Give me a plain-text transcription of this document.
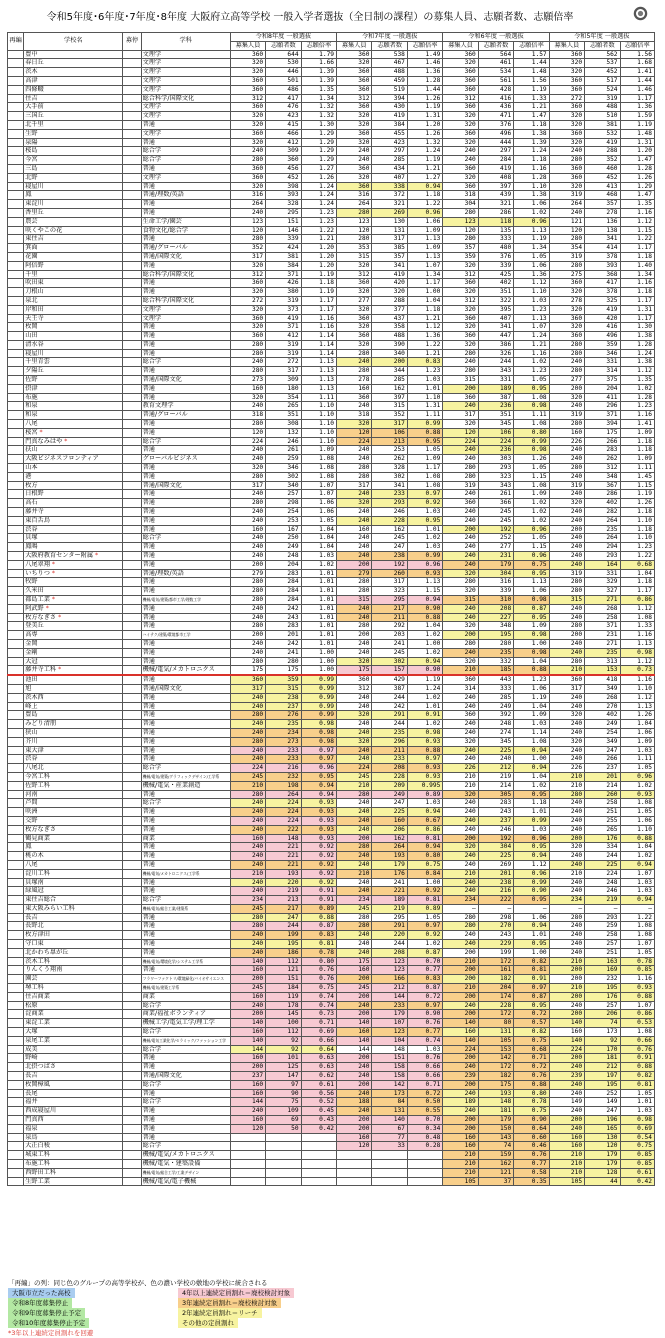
令和5年度･6年度･7年度･8年度 大阪府立高等学校 一般入学者選抜（全日制の課程）の募集人員、志願者数、志願倍率
再編	学校名	募停	学科	令和8年度 一般選抜			令和7年度 一般選抜			令和6年度 一般選抜			令和5年度 一般選抜		
				募集人員	志願者数	志願倍率	募集人員	志願者数	志願倍率	募集人員	志願者数	志願倍率	募集人員	志願者数	志願倍率
	豊中		文理学	360	644	1.79	360	538	1.49	360	564	1.57	360	562	1.56
	春日丘		文理学	320	530	1.66	320	467	1.46	320	461	1.44	320	537	1.68
	茨木		文理学	320	446	1.39	360	488	1.36	360	534	1.48	320	452	1.41
	高津		文理学	360	501	1.39	360	459	1.28	360	561	1.56	360	517	1.44
	四條畷		文理学	360	486	1.35	360	519	1.44	360	428	1.19	360	524	1.46
	住吉		総合科学/国際文化	312	417	1.34	312	394	1.26	312	416	1.33	272	319	1.17
	大手前		文理学	360	476	1.32	360	430	1.19	360	436	1.21	360	488	1.36
	三国丘		文理学	320	423	1.32	320	419	1.31	320	471	1.47	320	510	1.59
	北千里		普通	320	415	1.30	320	384	1.20	320	376	1.18	320	381	1.19
	生野		文理学	360	466	1.29	360	455	1.26	360	496	1.38	360	532	1.48
	泉陽		普通	320	412	1.29	320	423	1.32	320	444	1.39	320	419	1.31
	桜島		総合学	240	309	1.29	240	297	1.24	240	297	1.24	240	288	1.20
	今宮		総合学	280	360	1.29	240	285	1.19	240	284	1.18	280	352	1.47
	三島		普通	360	456	1.27	360	434	1.21	360	419	1.16	360	460	1.28
	北野		文理学	360	452	1.26	320	407	1.27	320	408	1.28	360	452	1.26
	寝屋川		普通	320	398	1.24	360	338	0.94	360	397	1.10	320	413	1.29
	鳳		普通/理数/英語	316	393	1.24	316	372	1.18	318	439	1.38	319	468	1.47
	東淀川		普通	264	328	1.24	264	321	1.22	304	321	1.06	264	357	1.35
	香里丘		普通	240	295	1.23	280	269	0.96	280	286	1.02	240	278	1.16
	農芸		生命工学/園芸	123	151	1.23	123	130	1.06	123	118	0.96	121	136	1.12
	咲くやこの花		食物文化/総合学	120	146	1.22	120	131	1.09	120	135	1.13	120	138	1.15
	東住吉		普通	280	339	1.21	280	317	1.13	280	333	1.19	280	341	1.22
	箕面		普通/グローバル	352	424	1.20	353	385	1.09	357	480	1.34	354	414	1.17
	花園		普通/国際文化	317	381	1.20	315	357	1.13	359	376	1.05	319	378	1.18
	阿倍野		普通	320	384	1.20	320	341	1.07	320	339	1.06	280	393	1.40
	千里		総合科学/国際文化	312	371	1.19	312	419	1.34	312	425	1.36	275	368	1.34
	吹田東		普通	360	426	1.18	360	420	1.17	360	402	1.12	360	417	1.16
	刀根山		普通	320	380	1.19	320	320	1.00	320	351	1.10	320	378	1.18
	泉北		総合科学/国際文化	272	319	1.17	277	288	1.04	312	322	1.03	278	325	1.17
	岸和田		文理学	320	373	1.17	320	377	1.18	320	395	1.23	320	419	1.31
	天王寺		文理学	360	419	1.16	360	437	1.21	360	407	1.13	360	420	1.17
	枚岡		普通	320	371	1.16	320	358	1.12	320	341	1.07	320	416	1.30
	山田		普通	360	412	1.14	360	488	1.36	360	447	1.24	360	496	1.38
	清水谷		普通	280	319	1.14	320	390	1.22	320	386	1.21	280	359	1.28
	寝屋川		普通	280	319	1.14	280	340	1.21	280	326	1.16	280	346	1.24
	千里青雲		総合学	240	272	1.13	240	200	0.83	240	244	1.02	240	331	1.38
	夕陽丘		普通	280	317	1.13	280	344	1.23	280	343	1.23	280	314	1.12
	佐野		普通/国際文化	273	309	1.13	278	285	1.03	315	331	1.05	277	375	1.35
	摂津		普通	160	180	1.13	160	162	1.01	200	189	0.95	200	204	1.02
	布施		普通	320	354	1.11	360	397	1.10	360	387	1.08	320	411	1.28
	和泉		教育文理学	240	265	1.10	240	315	1.31	240	236	0.98	240	296	1.23
	和泉		普通/グローバル	318	351	1.10	318	352	1.11	317	351	1.11	319	371	1.16
	八尾		普通	280	308	1.10	320	317	0.99	320	345	1.08	280	394	1.41
	桜宮 *		普通	120	132	1.10	120	106	0.88	120	106	0.80	160	175	1.09
	門真なみはや *		総合学	224	246	1.10	224	213	0.95	224	224	0.99	226	266	1.18
	扶山		普通	240	261	1.09	240	253	1.05	240	236	0.98	240	283	1.18
	大阪ビジネスフロンティア		グローバルビジネス	240	259	1.08	240	262	1.09	240	303	1.26	240	262	1.09
	山本		普通	320	346	1.08	280	328	1.17	280	293	1.05	280	312	1.11
	港		普通	280	302	1.08	280	302	1.08	280	323	1.15	240	348	1.45
	枚方		普通/国際文化	317	340	1.07	317	341	1.08	319	343	1.08	319	367	1.15
	日根野		普通	240	257	1.07	240	233	0.97	240	261	1.09	240	286	1.19
	高石		普通	280	298	1.06	320	293	0.92	360	366	1.02	320	402	1.26
	藤井寺		普通	240	254	1.06	240	246	1.03	240	245	1.02	240	282	1.18
	東百舌鳥		普通	240	253	1.05	240	228	0.95	240	245	1.02	240	264	1.10
	渋谷		普通	160	167	1.04	160	162	1.01	200	192	0.96	200	235	1.18
	貝塚		総合学	240	250	1.04	240	245	1.02	240	252	1.05	240	264	1.10
	鳳鳴		普通	240	249	1.04	240	247	1.03	240	277	1.15	240	294	1.23
	大阪府教育センター附属 *		普通	240	248	1.03	240	238	0.99	240	231	0.96	240	293	1.22
	八尾翠翔 *		普通	200	204	1.02	200	192	0.96	240	179	0.75	240	164	0.68
	いちりつ *		普通/理数/英語	279	283	1.01	279	260	0.93	320	304	0.95	319	331	1.04
	牧野		普通	280	284	1.01	280	317	1.13	280	316	1.13	280	329	1.18
	久米田		普通	280	284	1.01	280	323	1.15	320	339	1.06	280	327	1.17
	都島工業 *		機械/電気/建築/都市工学/理数工学	280	284	1.01	315	295	0.94	315	310	0.98	315	271	0.86
	阿武野 *		普通	240	242	1.01	240	217	0.90	240	208	0.87	240	268	1.12
	枚方なぎさ *		普通	240	243	1.01	240	211	0.88	240	227	0.95	240	258	1.08
	登美丘		普通	280	283	1.01	280	292	1.04	320	348	1.09	280	371	1.33
	高専		ハイテク/建築/環境都市工学	200	201	1.01	200	203	1.02	200	195	0.98	200	231	1.16
	金岡		普通	240	242	1.01	240	241	1.00	280	280	1.00	240	271	1.13
	金剛		普通	240	241	1.00	240	245	1.02	240	235	0.98	240	235	0.98
	大冠		普通	280	280	1.00	320	302	0.94	320	332	1.04	280	313	1.12
	藤井寺工科 *		機械/電気/メカトロニクス	175	175	1.00	175	157	0.90	210	185	0.88	210	153	0.73
	池田		普通	360	359	0.99	360	429	1.19	360	443	1.23	360	418	1.16
	旭		普通/国際文化	317	315	0.99	312	387	1.24	314	333	1.06	317	349	1.10
	茨木西		普通	240	238	0.99	240	244	1.02	240	285	1.19	240	268	1.12
	峰上		普通	240	237	0.99	240	242	1.01	240	249	1.04	240	270	1.13
	豊島		普通	280	276	0.99	320	291	0.91	360	392	1.09	320	402	1.26
	みどり清朋		普通	240	235	0.98	240	244	1.02	240	248	1.03	240	249	1.04
	狭山		普通	240	234	0.98	240	235	0.98	240	274	1.14	240	254	1.06
	芥川		普通	280	273	0.98	320	296	0.93	320	345	1.08	320	349	1.09
	東大津		普通	240	233	0.97	240	211	0.88	240	225	0.94	240	247	1.03
	渋谷		普通	240	233	0.97	240	233	0.97	240	240	1.00	240	266	1.11
	八尾北		総合学	224	216	0.96	224	208	0.93	226	212	0.94	226	237	1.05
	今宮工科		機械/電気/建築/グラフィックデザイン/工学系	245	232	0.95	245	228	0.93	210	219	1.04	210	201	0.96
	佐野工科		機械/電気・産業創造	210	198	0.94	210	209	0.995	210	214	1.02	210	214	1.02
	河南		普通	280	264	0.94	280	249	0.89	320	305	0.95	280	260	0.93
	芦間		総合学	240	224	0.93	240	247	1.03	240	283	1.18	240	258	1.08
	咲洲		普通	240	224	0.93	240	225	0.94	240	243	1.01	240	251	1.05
	交野		普通	240	224	0.93	240	160	0.67	240	237	0.99	240	255	1.06
	枚方なぎさ		普通	240	222	0.93	240	206	0.86	240	246	1.03	240	265	1.10
	鶴見商業		商業	160	148	0.93	200	162	0.81	200	192	0.96	200	176	0.88
	鳳		普通	240	221	0.92	280	264	0.94	320	304	0.95	320	334	1.04
	桃の木		普通	240	221	0.92	240	193	0.80	240	225	0.94	240	244	1.02
	八尾		普通	240	221	0.92	240	179	0.75	240	269	1.12	240	225	0.94
	淀川工科		機械/電気/メカトロニクス/工学系	210	193	0.92	210	176	0.84	210	201	0.96	210	224	1.07
	貝塚南		普通	240	220	0.92	240	241	1.00	240	238	0.99	240	248	1.03
	緑風冠		普通	240	219	0.91	240	221	0.92	240	216	0.90	240	246	1.03
	東住吉総合		総合学	234	213	0.91	234	189	0.81	234	222	0.95	234	219	0.94
	東大阪みらい工科		機械/電気/総合工業/建築系	245	217	0.89	245	219	0.89	—	—	—	—	—	—
	長吉		普通	280	247	0.88	280	295	1.05	280	298	1.06	280	293	1.22
	長野北		普通	280	244	0.87	280	291	0.97	280	270	0.94	240	259	1.08
	枚方津田		普通	240	199	0.83	240	220	0.92	240	243	1.01	240	258	1.08
	守口東		普通	240	195	0.81	240	244	1.02	240	229	0.95	240	257	1.07
	北かわち皐が丘		普通	240	186	0.78	240	208	0.87	200	199	1.00	240	251	1.05
	茨木工科		機械/電気/環境化学/システム工学系	140	112	0.80	175	123	0.70	210	172	0.82	210	163	0.78
	りんくう翔南		普通	160	121	0.76	160	123	0.77	200	161	0.81	200	169	0.85
	園芸		フラワーファクトリ/環境緑化/バイオサイエンス	200	151	0.76	200	166	0.83	200	182	0.91	200	232	1.16
	堺工科		機械/電気/建築工学系	245	184	0.75	245	212	0.87	210	204	0.97	210	195	0.93
	住吉商業		商業	160	119	0.74	200	144	0.72	200	174	0.87	200	176	0.88
	松原		総合学	240	178	0.74	240	233	0.97	240	228	0.95	240	257	1.07
	淀商業		商業/福祉ボランティア	200	145	0.73	200	179	0.90	200	172	0.72	200	206	0.86
	東淀工業		機械工学/電気工学/理工学	140	100	0.71	140	107	0.76	140	80	0.57	140	74	0.53
	大塚		総合学	160	112	0.69	160	123	0.77	160	131	0.82	160	173	1.08
	泉尾工業		機械/電気工業化学/セラミック/ファッション工学	140	92	0.66	140	104	0.74	140	105	0.75	140	92	0.66
	成美		総合学	144	92	0.64	144	148	1.03	224	153	0.68	224	170	0.76
	野崎		普通	160	101	0.63	200	151	0.76	200	142	0.71	200	181	0.91
	北摂つばさ		普通	200	125	0.63	240	158	0.66	240	172	0.72	240	212	0.88
	長吉		普通/国際文化	237	147	0.62	240	158	0.66	239	182	0.76	239	197	0.82
	枚岡樟風		総合学	160	97	0.61	200	142	0.71	200	175	0.88	240	195	0.81
	長尾		普通	160	90	0.56	240	173	0.72	240	193	0.80	240	252	1.05
	福井		総合学	144	75	0.52	188	84	0.50	189	148	0.78	149	149	1.01
	西成寝屋川		普通	240	109	0.45	240	131	0.55	240	181	0.75	240	247	1.03
	門真西		普通	160	69	0.43	200	140	0.70	200	179	0.90	200	196	0.98
	福泉		普通	120	50	0.42	200	67	0.34	200	150	0.64	240	165	0.69
	泉鳥		普通				160	77	0.48	160	143	0.60	160	130	0.54
	大正白稜		総合学				120	33	0.28	160	74	0.46	160	120	0.75
	城東工科		機械/電気/メカトロニクス							210	159	0.76	210	179	0.85
	布施工科		機械/電気・建築設備							210	162	0.77	210	179	0.85
	西野田工科		機械/電気/総合工学/工業デザイン							210	121	0.58	210	128	0.61
	生野工業		機械/電気/電子機械							105	37	0.35	105	44	0.42
「再編」の列：同じ色のグループの高等学校が、色の濃い学校の敷地の学校に統合される
大阪市立だった高校
令和8年度募集停止
令和9年度募集停止予定
令和10年度募集停止予定
*3年以上連続定員割れを回避
4年以上連続定員割れ＝廃校検討対象
3年連続定員割れ＝廃校検討対象
2年連続定員割れ＝リーチ
その他の定員割れ
